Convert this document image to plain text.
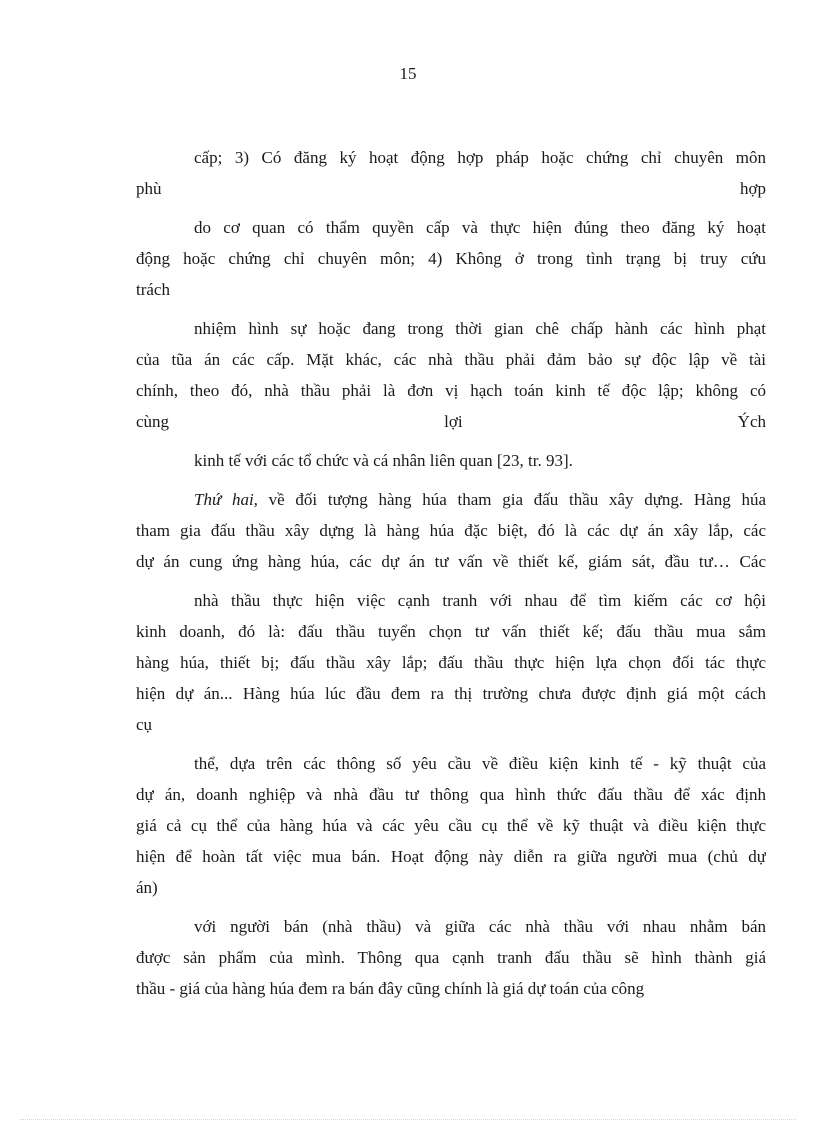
15
cấp; 3) Có đăng ký hoạt động hợp pháp hoặc chứng chỉ chuyên môn
phù hợp
do cơ quan có thẩm quyền cấp và thực hiện đúng theo đăng ký hoạt
động hoặc chứng chỉ chuyên môn; 4) Không ở trong tình trạng bị truy cứu
trách
nhiệm hình sự hoặc đang trong thời gian chê chấp hành các hình phạt
của tũa án các cấp. Mặt khác, các nhà thầu phải đảm bảo sự độc lập về tài
chính, theo đó, nhà thầu phải là đơn vị hạch toán kinh tế độc lập; không có
cùng lợi Ých
kinh tế với các tổ chức và cá nhân liên quan [23, tr. 93].
Thứ hai, về đối tượng hàng húa tham gia đấu thầu xây dựng. Hàng húa
tham gia đấu thầu xây dựng là hàng húa đặc biệt, đó là các dự án xây lắp, các
dự án cung ứng hàng húa, các dự án tư vấn về thiết kế, giám sát, đầu tư… Các
nhà thầu thực hiện việc cạnh tranh với nhau để tìm kiếm các cơ hội
kinh doanh, đó là: đấu thầu tuyển chọn tư vấn thiết kế; đấu thầu mua sắm
hàng húa, thiết bị; đấu thầu xây lắp; đấu thầu thực hiện lựa chọn đối tác thực
hiện dự án... Hàng húa lúc đầu đem ra thị trường chưa được định giá một cách
cụ
thể, dựa trên các thông số yêu cầu về điều kiện kinh tế - kỹ thuật của
dự án, doanh nghiệp và nhà đầu tư thông qua hình thức đấu thầu để xác định
giá cả cụ thể của hàng húa và các yêu cầu cụ thể về kỹ thuật và điều kiện thực
hiện để hoàn tất việc mua bán. Hoạt động này diễn ra giữa người mua (chủ dự
án)
với người bán (nhà thầu) và giữa các nhà thầu với nhau nhằm bán
được sản phẩm của mình. Thông qua cạnh tranh đấu thầu sẽ hình thành giá
thầu - giá của hàng húa đem ra bán đây cũng chính là giá dự toán của công
